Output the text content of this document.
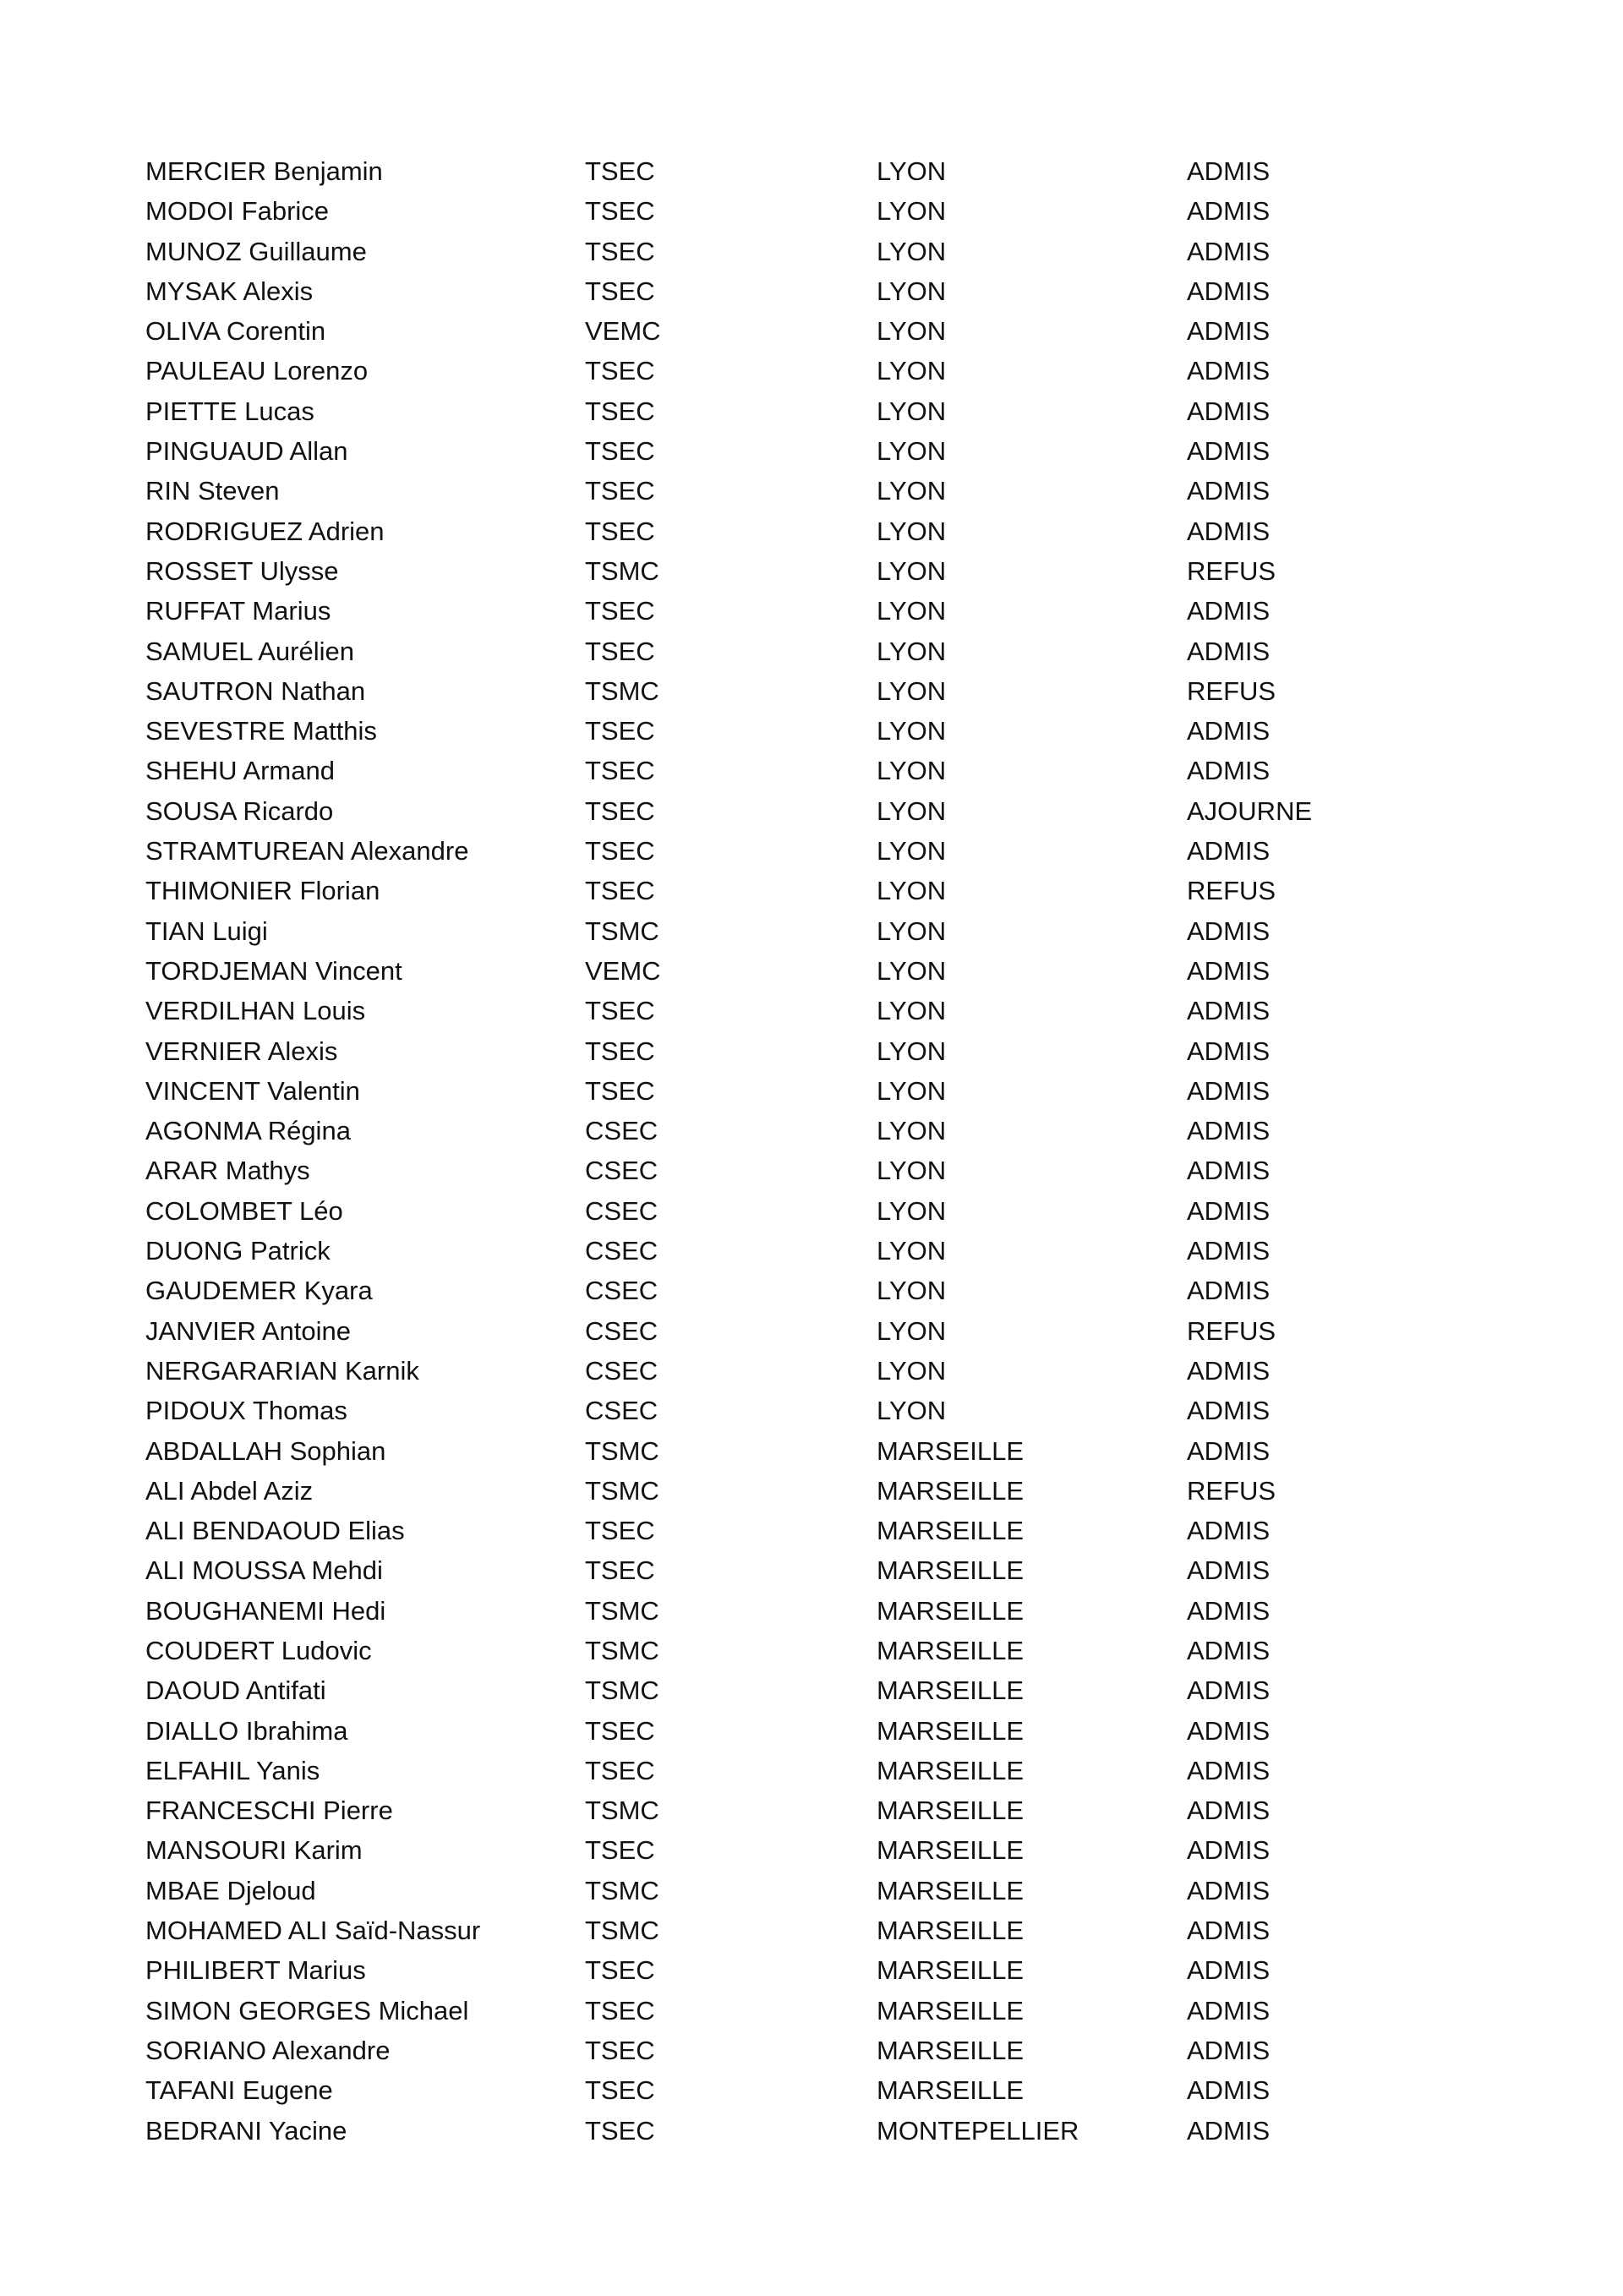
MERCIER Benjamin	TSEC	LYON	ADMIS
MODOI Fabrice	TSEC	LYON	ADMIS
MUNOZ Guillaume	TSEC	LYON	ADMIS
MYSAK Alexis	TSEC	LYON	ADMIS
OLIVA Corentin	VEMC	LYON	ADMIS
PAULEAU Lorenzo	TSEC	LYON	ADMIS
PIETTE Lucas	TSEC	LYON	ADMIS
PINGUAUD Allan	TSEC	LYON	ADMIS
RIN Steven	TSEC	LYON	ADMIS
RODRIGUEZ Adrien	TSEC	LYON	ADMIS
ROSSET Ulysse	TSMC	LYON	REFUS
RUFFAT Marius	TSEC	LYON	ADMIS
SAMUEL Aurélien	TSEC	LYON	ADMIS
SAUTRON Nathan	TSMC	LYON	REFUS
SEVESTRE Matthis	TSEC	LYON	ADMIS
SHEHU Armand	TSEC	LYON	ADMIS
SOUSA Ricardo	TSEC	LYON	AJOURNE
STRAMTUREAN Alexandre	TSEC	LYON	ADMIS
THIMONIER Florian	TSEC	LYON	REFUS
TIAN Luigi	TSMC	LYON	ADMIS
TORDJEMAN Vincent	VEMC	LYON	ADMIS
VERDILHAN Louis	TSEC	LYON	ADMIS
VERNIER Alexis	TSEC	LYON	ADMIS
VINCENT Valentin	TSEC	LYON	ADMIS
AGONMA Régina	CSEC	LYON	ADMIS
ARAR Mathys	CSEC	LYON	ADMIS
COLOMBET Léo	CSEC	LYON	ADMIS
DUONG Patrick	CSEC	LYON	ADMIS
GAUDEMER Kyara	CSEC	LYON	ADMIS
JANVIER Antoine	CSEC	LYON	REFUS
NERGARARIAN Karnik	CSEC	LYON	ADMIS
PIDOUX Thomas	CSEC	LYON	ADMIS
ABDALLAH Sophian	TSMC	MARSEILLE	ADMIS
ALI Abdel Aziz	TSMC	MARSEILLE	REFUS
ALI BENDAOUD Elias	TSEC	MARSEILLE	ADMIS
ALI MOUSSA Mehdi	TSEC	MARSEILLE	ADMIS
BOUGHANEMI Hedi	TSMC	MARSEILLE	ADMIS
COUDERT Ludovic	TSMC	MARSEILLE	ADMIS
DAOUD Antifati	TSMC	MARSEILLE	ADMIS
DIALLO Ibrahima	TSEC	MARSEILLE	ADMIS
ELFAHIL Yanis	TSEC	MARSEILLE	ADMIS
FRANCESCHI Pierre	TSMC	MARSEILLE	ADMIS
MANSOURI Karim	TSEC	MARSEILLE	ADMIS
MBAE Djeloud	TSMC	MARSEILLE	ADMIS
MOHAMED ALI Saïd-Nassur	TSMC	MARSEILLE	ADMIS
PHILIBERT Marius	TSEC	MARSEILLE	ADMIS
SIMON GEORGES Michael	TSEC	MARSEILLE	ADMIS
SORIANO Alexandre	TSEC	MARSEILLE	ADMIS
TAFANI Eugene	TSEC	MARSEILLE	ADMIS
BEDRANI Yacine	TSEC	MONTEPELLIER	ADMIS
